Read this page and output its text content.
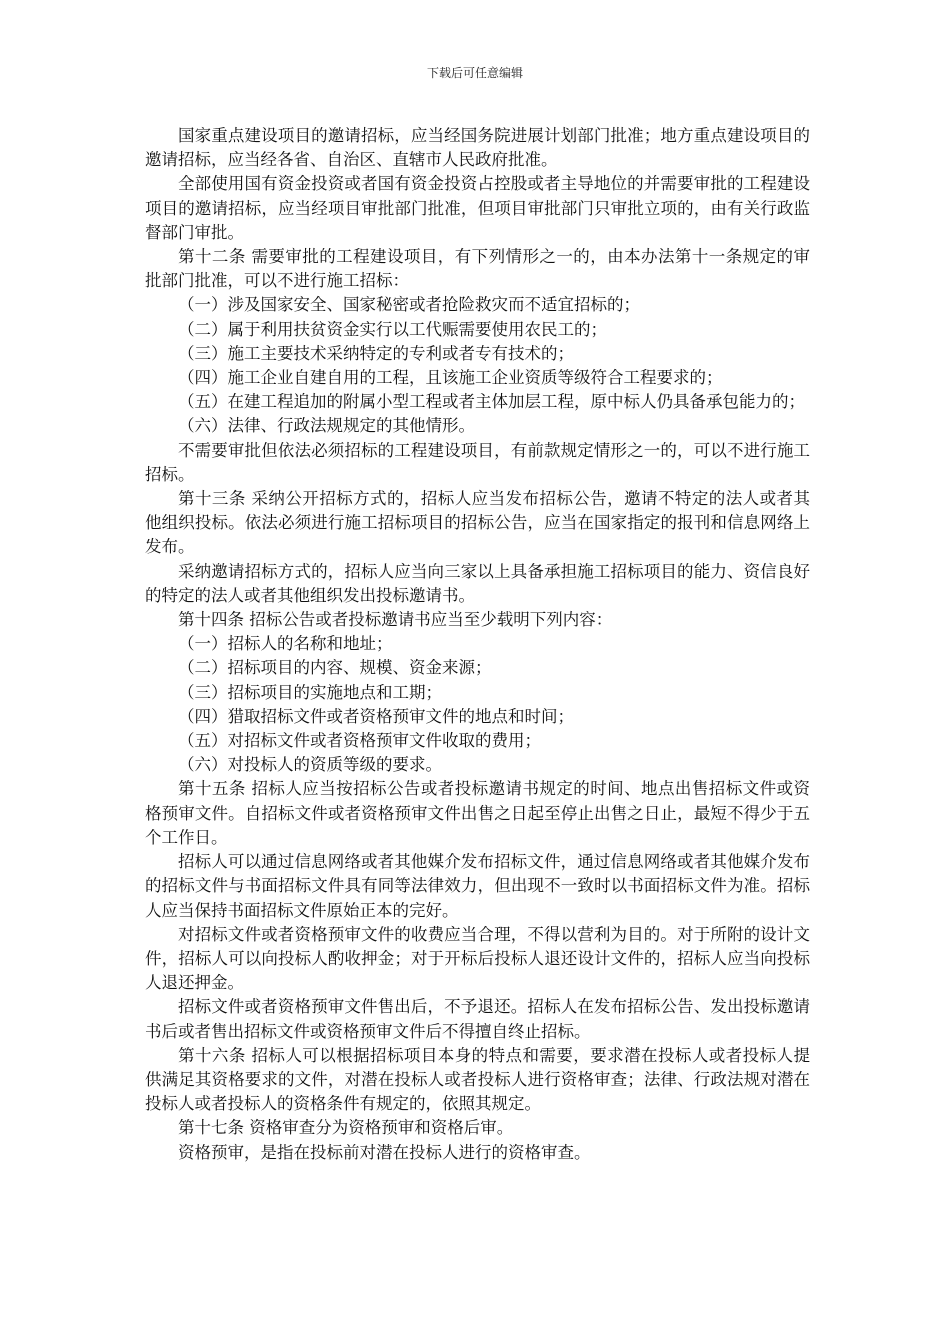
下载后可任意编辑

国家重点建设项目的邀请招标，应当经国务院进展计划部门批准；地方重点建设项目的邀请招标，应当经各省、自治区、直辖市人民政府批准。

全部使用国有资金投资或者国有资金投资占控股或者主导地位的并需要审批的工程建设项目的邀请招标，应当经项目审批部门批准，但项目审批部门只审批立项的，由有关行政监督部门审批。

第十二条 需要审批的工程建设项目，有下列情形之一的，由本办法第十一条规定的审批部门批准，可以不进行施工招标：

（一）涉及国家安全、国家秘密或者抢险救灾而不适宜招标的；

（二）属于利用扶贫资金实行以工代赈需要使用农民工的；

（三）施工主要技术采纳特定的专利或者专有技术的；

（四）施工企业自建自用的工程，且该施工企业资质等级符合工程要求的；

（五）在建工程追加的附属小型工程或者主体加层工程，原中标人仍具备承包能力的；

（六）法律、行政法规规定的其他情形。

不需要审批但依法必须招标的工程建设项目，有前款规定情形之一的，可以不进行施工招标。

第十三条 采纳公开招标方式的，招标人应当发布招标公告，邀请不特定的法人或者其他组织投标。依法必须进行施工招标项目的招标公告，应当在国家指定的报刊和信息网络上发布。

采纳邀请招标方式的，招标人应当向三家以上具备承担施工招标项目的能力、资信良好的特定的法人或者其他组织发出投标邀请书。

第十四条 招标公告或者投标邀请书应当至少载明下列内容：

（一）招标人的名称和地址；

（二）招标项目的内容、规模、资金来源；

（三）招标项目的实施地点和工期；

（四）猎取招标文件或者资格预审文件的地点和时间；

（五）对招标文件或者资格预审文件收取的费用；

（六）对投标人的资质等级的要求。

第十五条 招标人应当按招标公告或者投标邀请书规定的时间、地点出售招标文件或资格预审文件。自招标文件或者资格预审文件出售之日起至停止出售之日止，最短不得少于五个工作日。

招标人可以通过信息网络或者其他媒介发布招标文件，通过信息网络或者其他媒介发布的招标文件与书面招标文件具有同等法律效力，但出现不一致时以书面招标文件为准。招标人应当保持书面招标文件原始正本的完好。

对招标文件或者资格预审文件的收费应当合理，不得以营利为目的。对于所附的设计文件，招标人可以向投标人酌收押金；对于开标后投标人退还设计文件的，招标人应当向投标人退还押金。

招标文件或者资格预审文件售出后，不予退还。招标人在发布招标公告、发出投标邀请书后或者售出招标文件或资格预审文件后不得擅自终止招标。

第十六条 招标人可以根据招标项目本身的特点和需要，要求潜在投标人或者投标人提供满足其资格要求的文件，对潜在投标人或者投标人进行资格审查；法律、行政法规对潜在投标人或者投标人的资格条件有规定的，依照其规定。

第十七条 资格审查分为资格预审和资格后审。

资格预审，是指在投标前对潜在投标人进行的资格审查。
